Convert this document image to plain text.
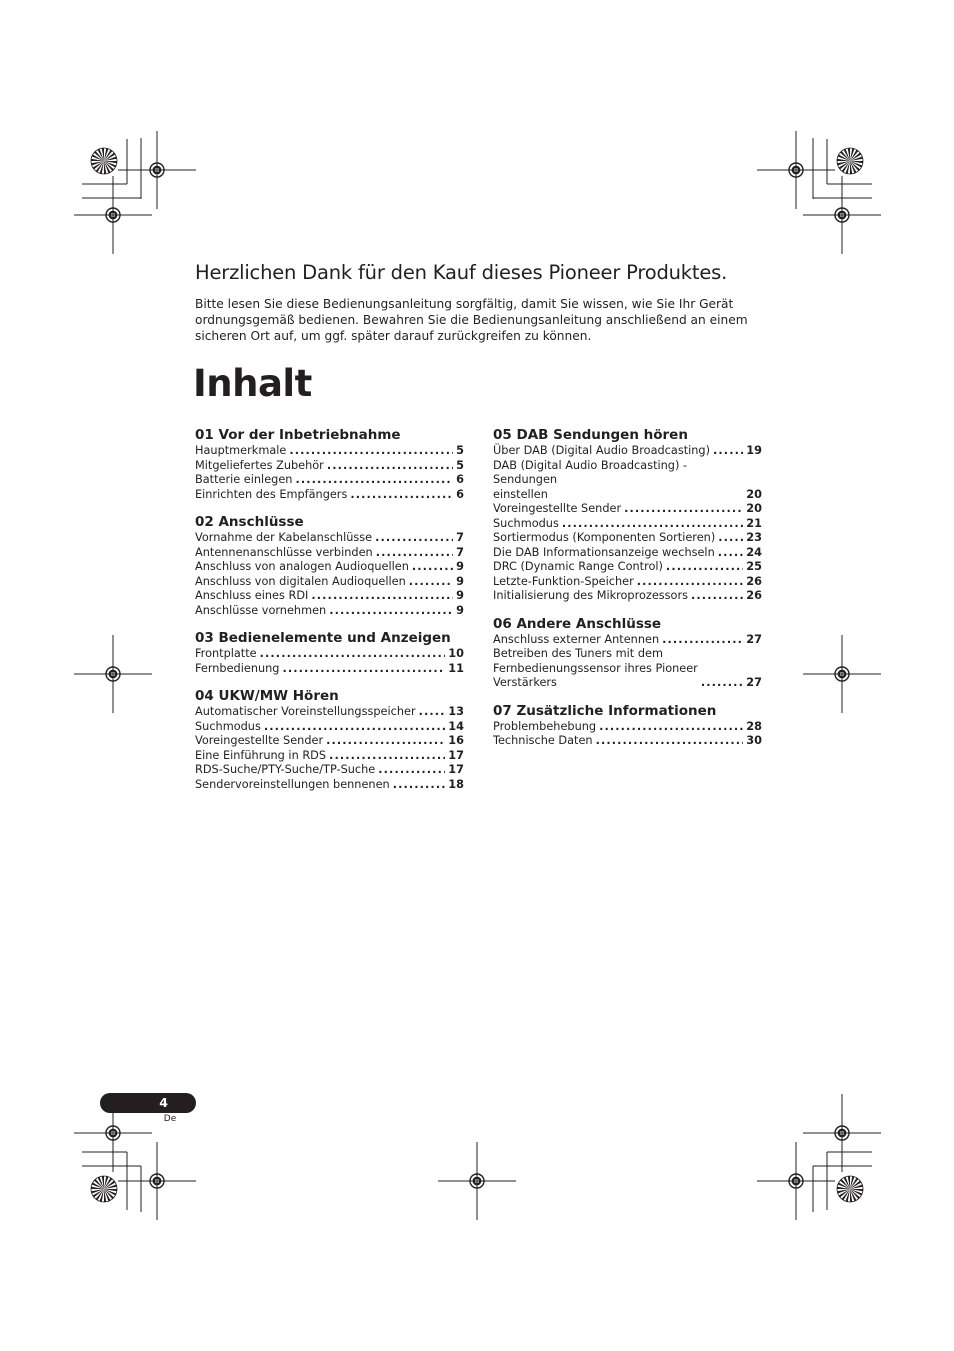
Herzlichen Dank für den Kauf dieses Pioneer Produktes.

Bitte lesen Sie diese Bedienungsanleitung sorgfältig, damit Sie wissen, wie Sie Ihr Gerät ordnungsgemäß bedienen. Bewahren Sie die Bedienungsanleitung anschließend an einem sicheren Ort auf, um ggf. später darauf zurückgreifen zu können.

Inhalt
01 Vor der Inbetriebnahme
Hauptmerkmale .....	5
Mitgeliefertes Zubehör .....	5
Batterie einlegen .....	6
Einrichten des Empfängers .....	6
02 Anschlüsse
Vornahme der Kabelanschlüsse .....	7
Antennenanschlüsse verbinden .....	7
Anschluss von analogen Audioquellen .....	9
Anschluss von digitalen Audioquellen .....	9
Anschluss eines RDI .....	9
Anschlüsse vornehmen .....	9
03 Bedienelemente und Anzeigen
Frontplatte .....	10
Fernbedienung .....	11
04 UKW/MW Hören
Automatischer Voreinstellungsspeicher .....	13
Suchmodus .....	14
Voreingestellte Sender .....	16
Eine Einführung in RDS .....	17
RDS-Suche/PTY-Suche/TP-Suche .....	17
Sendervoreinstellungen bennenen .....	18
05 DAB Sendungen hören
Über DAB (Digital Audio Broadcasting) .....	19
DAB (Digital Audio Broadcasting) -Sendungen
einstellen	20
Voreingestellte Sender .....	20
Suchmodus .....	21
Sortiermodus (Komponenten Sortieren) .....	23
Die DAB Informationsanzeige wechseln .....	24
DRC (Dynamic Range Control) .....	25
Letzte-Funktion-Speicher .....	26
Initialisierung des Mikroprozessors .....	26
06 Andere Anschlüsse
Anschluss externer Antennen .....	27
Betreiben des Tuners mit dem
Fernbedienungssensor ihres Pioneer
Verstärkers .....	27
07 Zusätzliche Informationen
Problembehebung .....	28
Technische Daten .....	30
4
De
